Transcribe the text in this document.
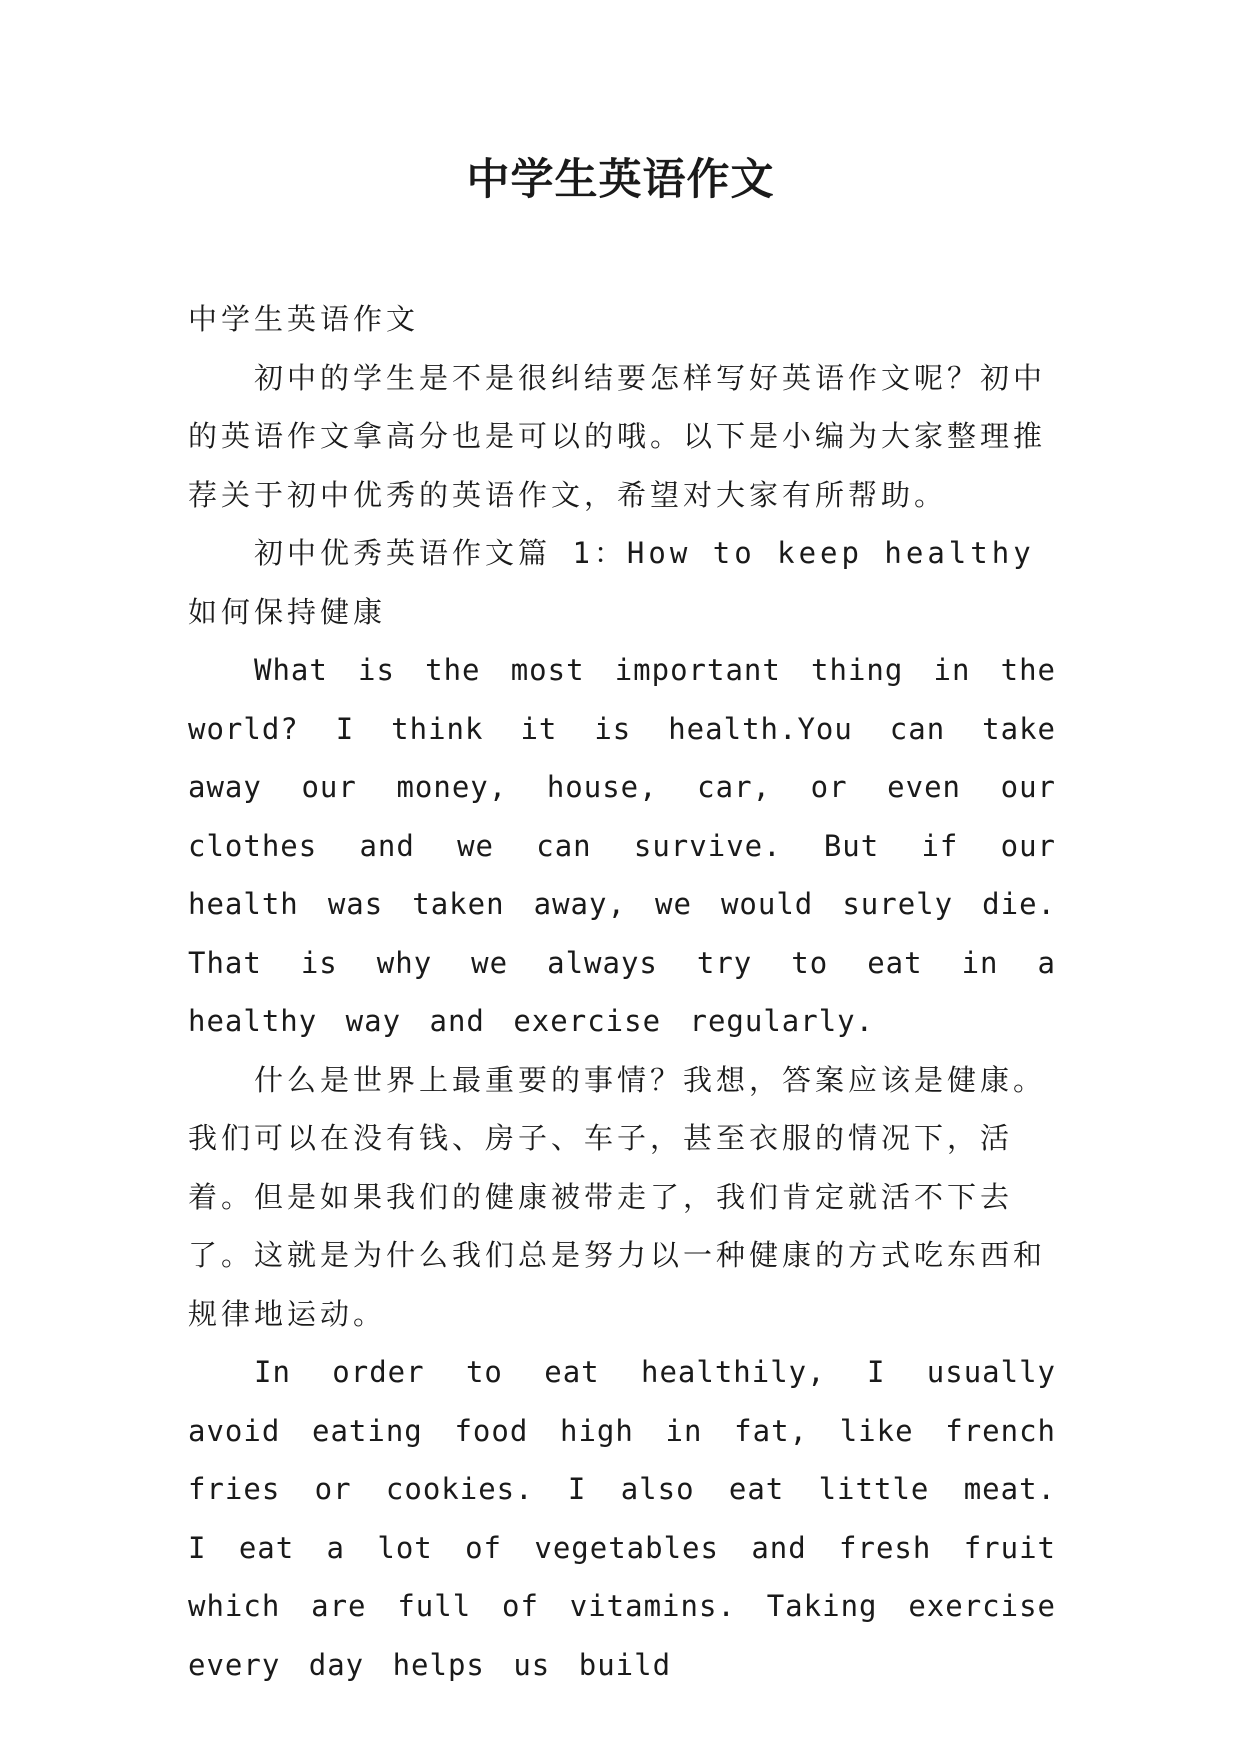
中学生英语作文

中学生英语作文

初中的学生是不是很纠结要怎样写好英语作文呢？初中的英语作文拿高分也是可以的哦。以下是小编为大家整理推荐关于初中优秀的英语作文，希望对大家有所帮助。

初中优秀英语作文篇 1：How to keep healthy 如何保持健康

What is the most important thing in the world? I think it is health.You can take away our money, house, car, or even our clothes and we can survive. But if our health was taken away, we would surely die. That is why we always try to eat in a healthy way and exercise regularly.

什么是世界上最重要的事情？我想，答案应该是健康。我们可以在没有钱、房子、车子，甚至衣服的情况下，活着。但是如果我们的健康被带走了，我们肯定就活不下去了。这就是为什么我们总是努力以一种健康的方式吃东西和规律地运动。

In order to eat healthily, I usually avoid eating food high in fat, like french fries or cookies. I also eat little meat. I eat a lot of vegetables and fresh fruit which are full of vitamins. Taking exercise every day helps us build
